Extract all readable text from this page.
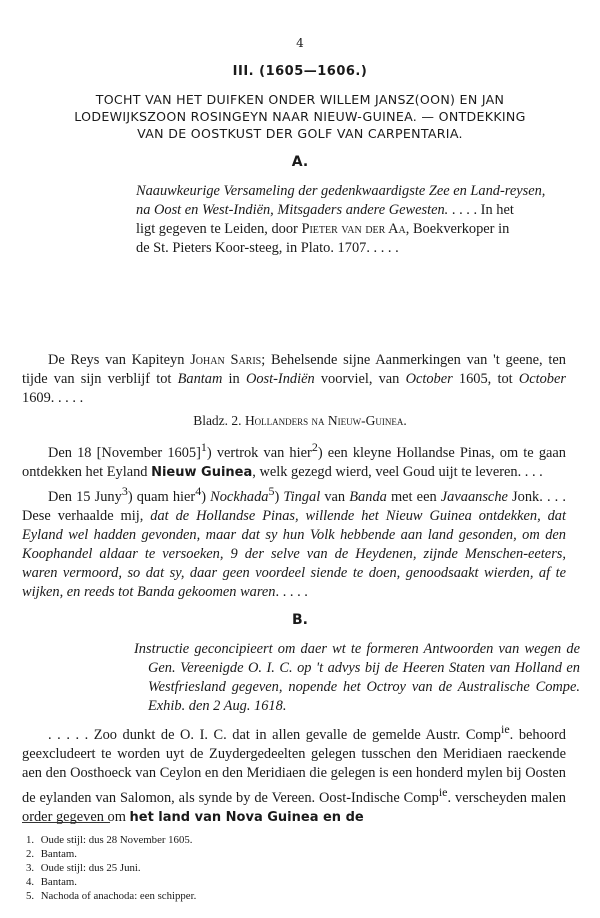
4
III. (1605—1606.)
TOCHT VAN HET DUIFKEN ONDER WILLEM JANSZ(OON) EN JAN
LODEWIJKSZOON ROSINGEYN NAAR NIEUW-GUINEA. — ONTDEKKING
VAN DE OOSTKUST DER GOLF VAN CARPENTARIA.
A.

Naauwkeurige Versameling der gedenkwaardigste Zee en Land-reysen,

na Oost en West-Indiën, Mitsgaders andere Gewesten. . . . . In het

ligt gegeven te Leiden, door Pieter van der Aa, Boekverkoper in

de St. Pieters Koor-steeg, in Plato. 1707. . . . .

De Reys van Kapiteyn Johan Saris; Behelsende sijne Aanmerkingen van 't geene, ten tijde van sijn verblijf tot Bantam in Oost-Indiën voorviel, van October 1605, tot October 1609. . . . .
Bladz. 2. Hollanders na Nieuw-Guinea.

Den 18 [November 1605]$^1$) vertrok van hier$^2$) een kleyne Hollandse Pinas, om te gaan ontdekken het Eyland Nieuw Guinea, welk gezegd wierd, veel Goud uijt te leveren. . . .

Den 15 Juny$^3$) quam hier$^4$) Nockhada$^5$) Tingal van Banda met een Javaansche Jonk. . . . Dese verhaalde mij, dat de Hollandse Pinas, willende het Nieuw Guinea ontdekken, dat Eyland wel hadden gevonden, maar dat sy hun Volk hebbende aan land gesonden, om den Koophandel aldaar te versoeken, 9 der selve van de Heydenen, zijnde Menschen-eeters, waren vermoord, so dat sy, daar geen voordeel siende te doen, genoodsaakt wierden, af te wijken, en reeds tot Banda gekoomen waren. . . . .

B.
Instructie geconcipieert om daer wt te formeren Antwoorden van wegen de Gen. Vereenigde O. I. C. op 't advys bij de Heeren Staten van Holland en Westfriesland gegeven, nopende het Octroy van de Australische Compe. Exhib. den 2 Aug. 1618.
. . . . . Zoo dunkt de O. I. C. dat in allen gevalle de gemelde Austr. Comp$^{ie}$. behoord geexcludeert te worden uyt de Zuydergedeelten gelegen tusschen den Meridiaen raeckende aen den Oosthoeck van Ceylon en den Meridiaen die gelegen is een honderd mylen bij Oosten de eylanden van Salomon, als synde by de Vereen. Oost-Indische Comp$^{ie}$. verscheyden malen order gegeven om het land van Nova Guinea en de
1. Oude stijl: dus 28 November 1605.
2. Bantam.
3. Oude stijl: dus 25 Juni.
4. Bantam.
5. Nachoda of anachoda: een schipper.
